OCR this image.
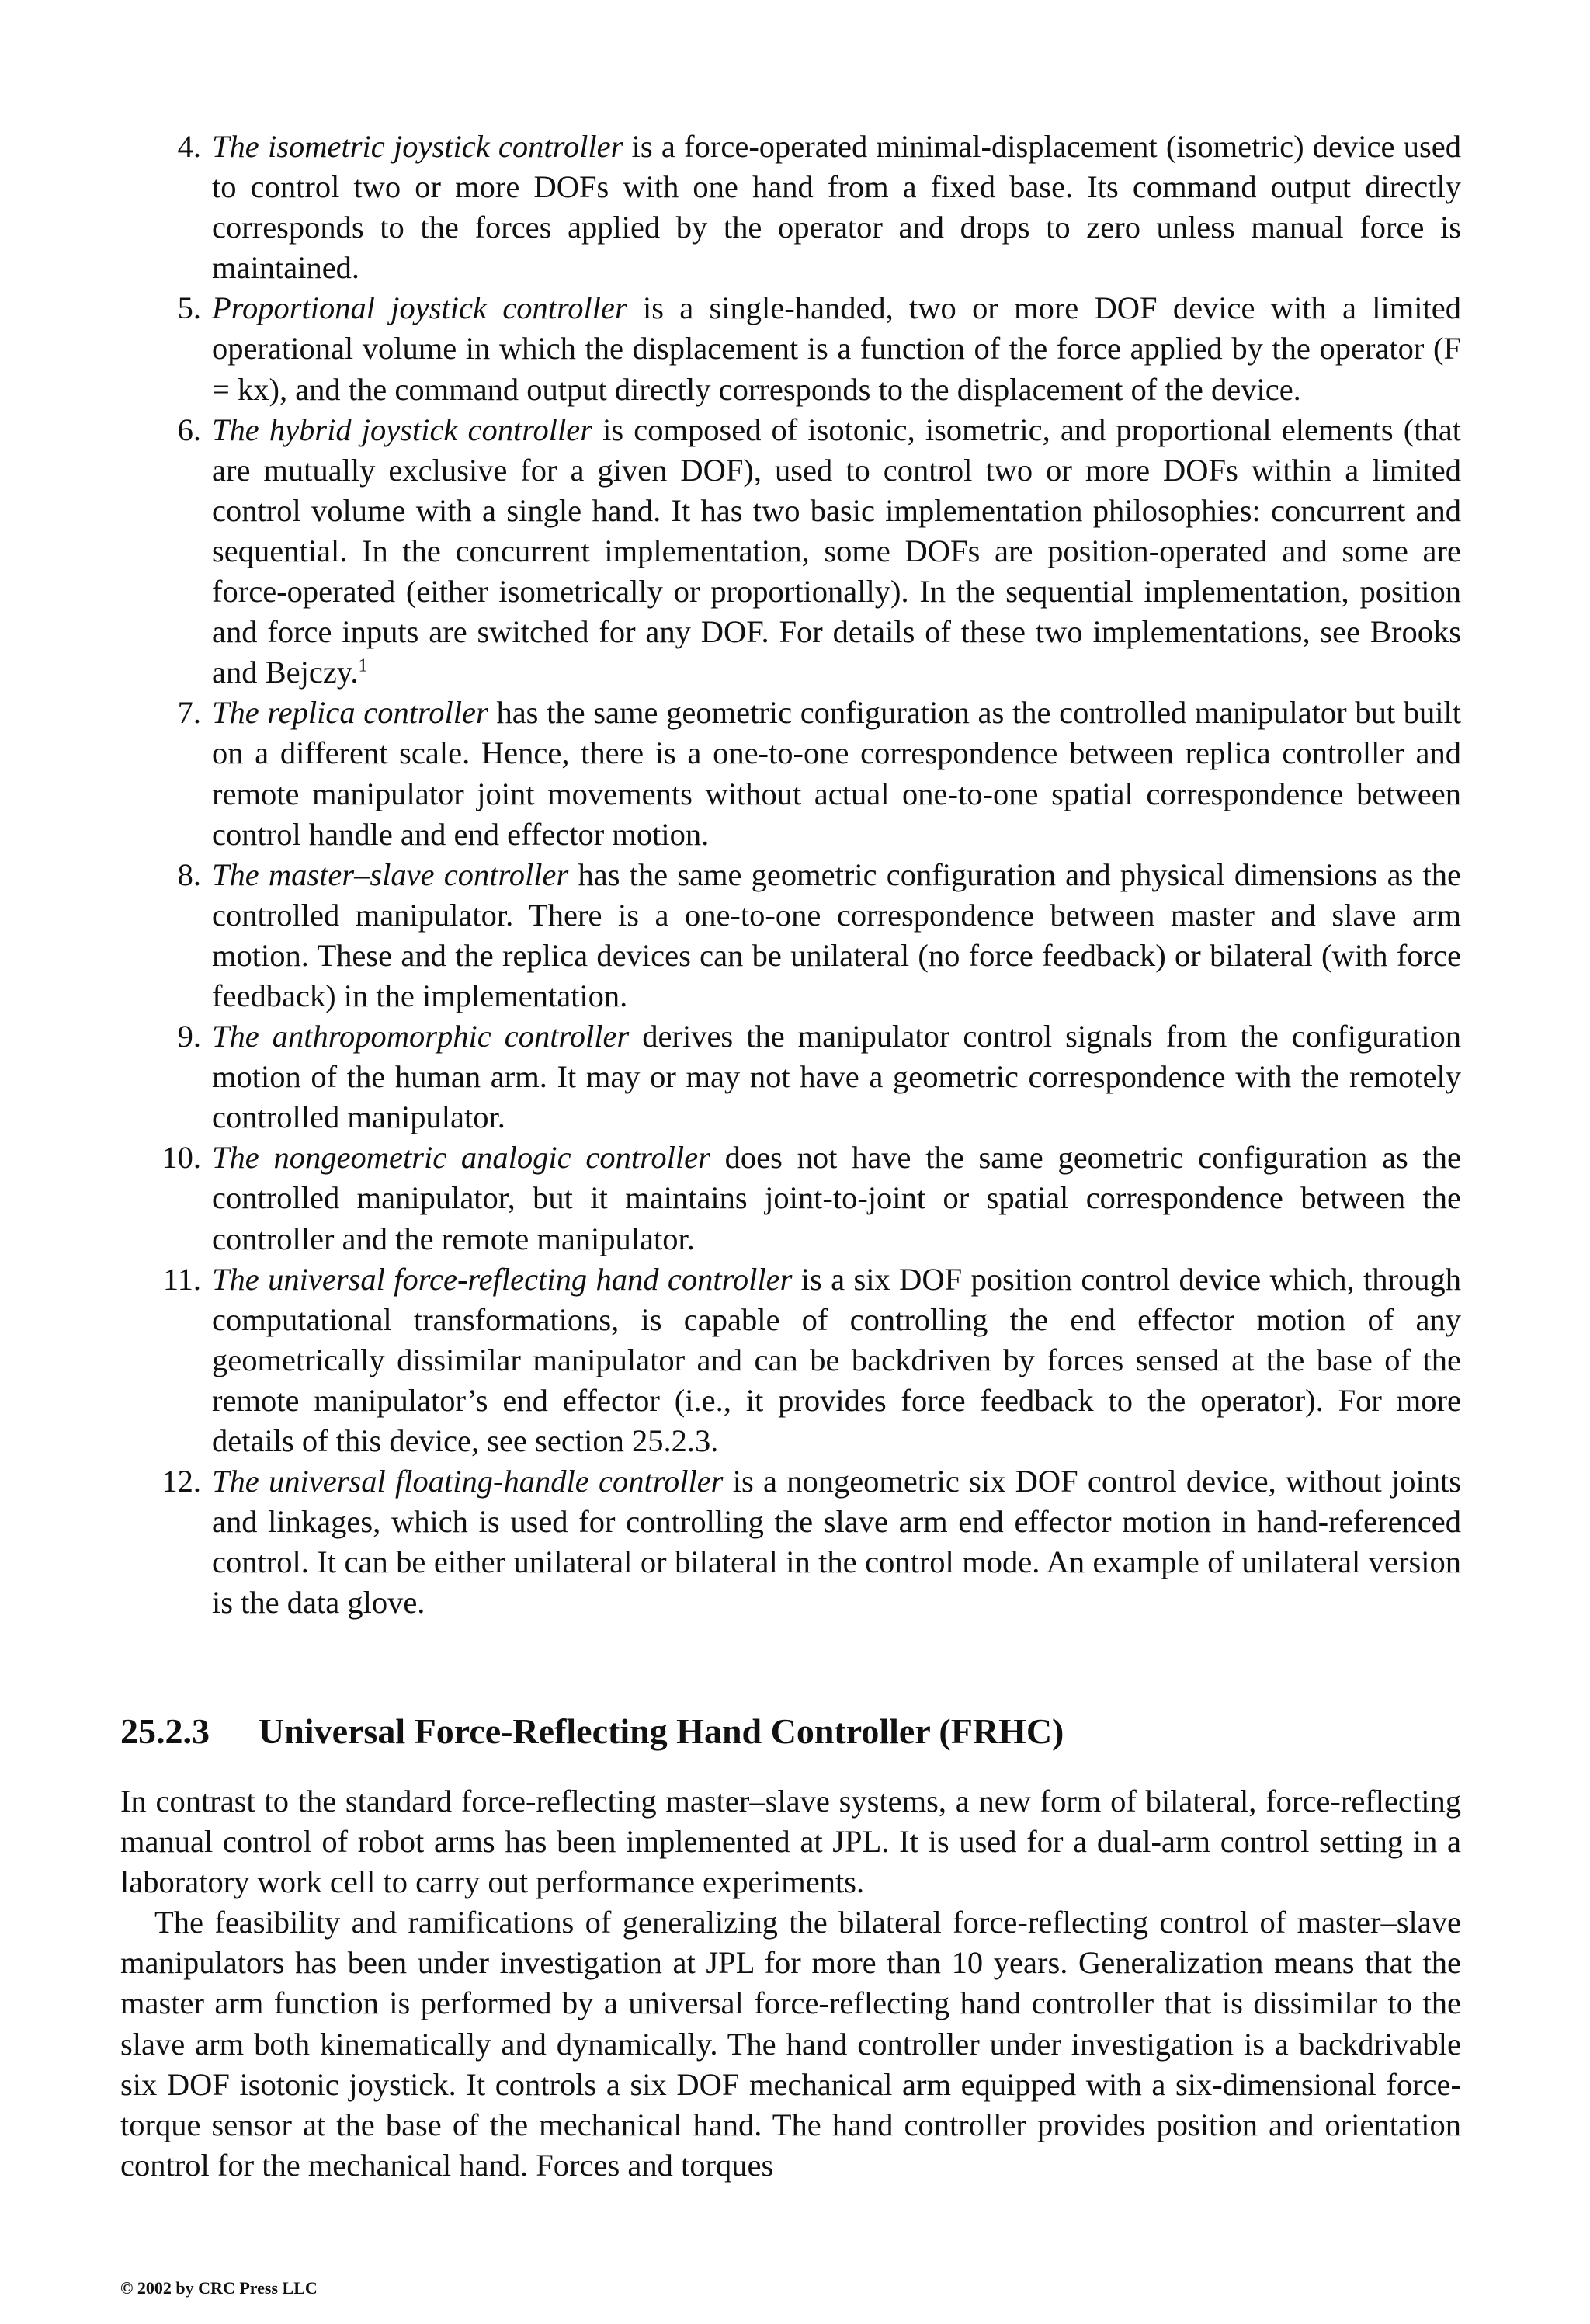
4. The isometric joystick controller is a force-operated minimal-displacement (isometric) device used to control two or more DOFs with one hand from a fixed base. Its command output directly corresponds to the forces applied by the operator and drops to zero unless manual force is maintained.
5. Proportional joystick controller is a single-handed, two or more DOF device with a limited operational volume in which the displacement is a function of the force applied by the operator (F = kx), and the command output directly corresponds to the displacement of the device.
6. The hybrid joystick controller is composed of isotonic, isometric, and proportional elements (that are mutually exclusive for a given DOF), used to control two or more DOFs within a limited control volume with a single hand. It has two basic implementation philosophies: concurrent and sequential. In the concurrent implementation, some DOFs are position-operated and some are force-operated (either isometrically or proportionally). In the sequential implementation, position and force inputs are switched for any DOF. For details of these two implementations, see Brooks and Bejczy.$^1$
7. The replica controller has the same geometric configuration as the controlled manipulator but built on a different scale. Hence, there is a one-to-one correspondence between replica controller and remote manipulator joint movements without actual one-to-one spatial correspondence between control handle and end effector motion.
8. The master–slave controller has the same geometric configuration and physical dimensions as the controlled manipulator. There is a one-to-one correspondence between master and slave arm motion. These and the replica devices can be unilateral (no force feedback) or bilateral (with force feedback) in the implementation.
9. The anthropomorphic controller derives the manipulator control signals from the configuration motion of the human arm. It may or may not have a geometric correspondence with the remotely controlled manipulator.
10. The nongeometric analogic controller does not have the same geometric configuration as the controlled manipulator, but it maintains joint-to-joint or spatial correspondence between the controller and the remote manipulator.
11. The universal force-reflecting hand controller is a six DOF position control device which, through computational transformations, is capable of controlling the end effector motion of any geometrically dissimilar manipulator and can be backdriven by forces sensed at the base of the remote manipulator’s end effector (i.e., it provides force feedback to the operator). For more details of this device, see section 25.2.3.
12. The universal floating-handle controller is a nongeometric six DOF control device, without joints and linkages, which is used for controlling the slave arm end effector motion in hand-referenced control. It can be either unilateral or bilateral in the control mode. An example of unilateral version is the data glove.
25.2.3 Universal Force-Reflecting Hand Controller (FRHC)

In contrast to the standard force-reflecting master–slave systems, a new form of bilateral, force-reflecting manual control of robot arms has been implemented at JPL. It is used for a dual-arm control setting in a laboratory work cell to carry out performance experiments.

The feasibility and ramifications of generalizing the bilateral force-reflecting control of master–slave manipulators has been under investigation at JPL for more than 10 years. Generalization means that the master arm function is performed by a universal force-reflecting hand controller that is dissimilar to the slave arm both kinematically and dynamically. The hand controller under investigation is a backdrivable six DOF isotonic joystick. It controls a six DOF mechanical arm equipped with a six-dimensional force-torque sensor at the base of the mechanical hand. The hand controller provides position and orientation control for the mechanical hand. Forces and torques

© 2002 by CRC Press LLC
